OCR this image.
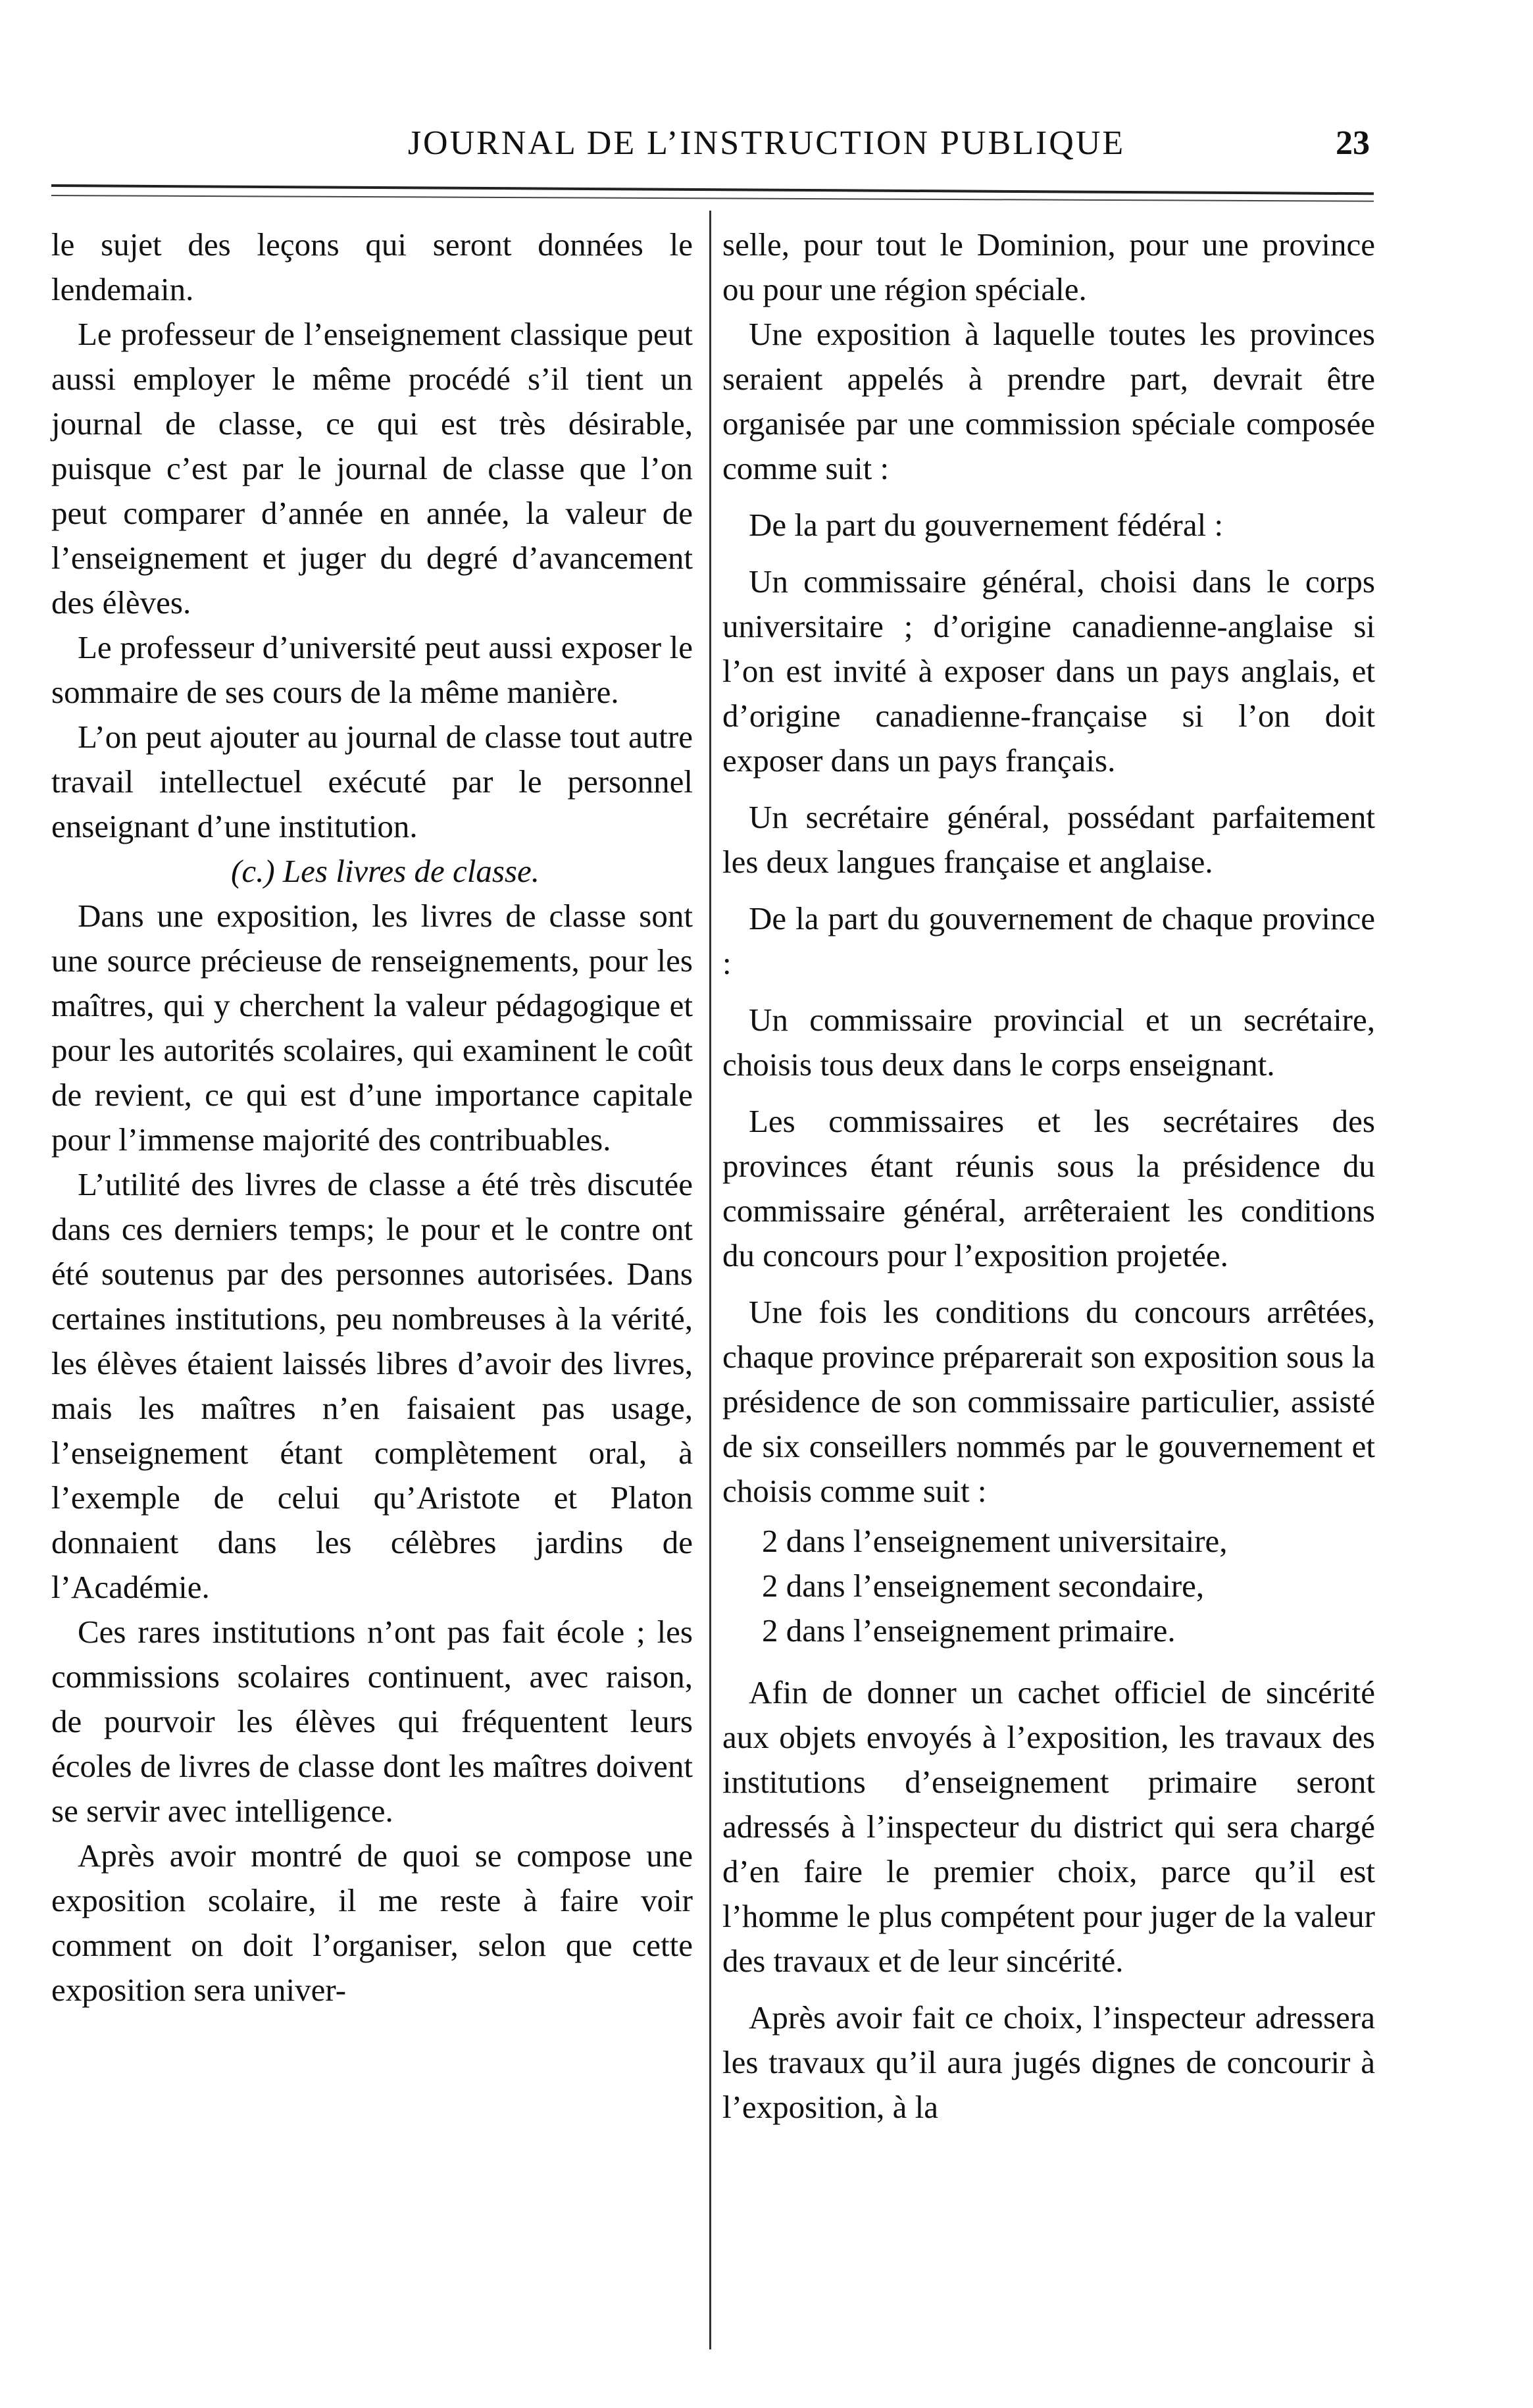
JOURNAL DE L’INSTRUCTION PUBLIQUE	23

le sujet des leçons qui seront données le lendemain.

Le professeur de l’enseignement classique peut aussi employer le même procédé s’il tient un journal de classe, ce qui est très désirable, puisque c’est par le journal de classe que l’on peut comparer d’année en année, la valeur de l’enseignement et juger du degré d’avancement des élèves.

Le professeur d’université peut aussi exposer le sommaire de ses cours de la même manière.

L’on peut ajouter au journal de classe tout autre travail intellectuel exécuté par le personnel enseignant d’une institution.

(c.) Les livres de classe.

Dans une exposition, les livres de classe sont une source précieuse de renseignements, pour les maîtres, qui y cherchent la valeur pédagogique et pour les autorités scolaires, qui examinent le coût de revient, ce qui est d’une importance capitale pour l’immense majorité des contribuables.

L’utilité des livres de classe a été très discutée dans ces derniers temps; le pour et le contre ont été soutenus par des personnes autorisées. Dans certaines institutions, peu nombreuses à la vérité, les élèves étaient laissés libres d’avoir des livres, mais les maîtres n’en faisaient pas usage, l’enseignement étant complètement oral, à l’exemple de celui qu’Aristote et Platon donnaient dans les célèbres jardins de l’Académie.

Ces rares institutions n’ont pas fait école ; les commissions scolaires continuent, avec raison, de pourvoir les élèves qui fréquentent leurs écoles de livres de classe dont les maîtres doivent se servir avec intelligence.

Après avoir montré de quoi se compose une exposition scolaire, il me reste à faire voir comment on doit l’organiser, selon que cette exposition sera univer-

selle, pour tout le Dominion, pour une province ou pour une région spéciale.

Une exposition à laquelle toutes les provinces seraient appelés à prendre part, devrait être organisée par une commission spéciale composée comme suit :

De la part du gouvernement fédéral :

Un commissaire général, choisi dans le corps universitaire ; d’origine canadienne-anglaise si l’on est invité à exposer dans un pays anglais, et d’origine canadienne-française si l’on doit exposer dans un pays français.

Un secrétaire général, possédant parfaitement les deux langues française et anglaise.

De la part du gouvernement de chaque province :

Un commissaire provincial et un secrétaire, choisis tous deux dans le corps enseignant.

Les commissaires et les secrétaires des provinces étant réunis sous la présidence du commissaire général, arrêteraient les conditions du concours pour l’exposition projetée.

Une fois les conditions du concours arrêtées, chaque province préparerait son exposition sous la présidence de son commissaire particulier, assisté de six conseillers nommés par le gouvernement et choisis comme suit :

2 dans l’enseignement universitaire,
2 dans l’enseignement secondaire,
2 dans l’enseignement primaire.

Afin de donner un cachet officiel de sincérité aux objets envoyés à l’exposition, les travaux des institutions d’enseignement primaire seront adressés à l’inspecteur du district qui sera chargé d’en faire le premier choix, parce qu’il est l’homme le plus compétent pour juger de la valeur des travaux et de leur sincérité.

Après avoir fait ce choix, l’inspecteur adressera les travaux qu’il aura jugés dignes de concourir à l’exposition, à la
